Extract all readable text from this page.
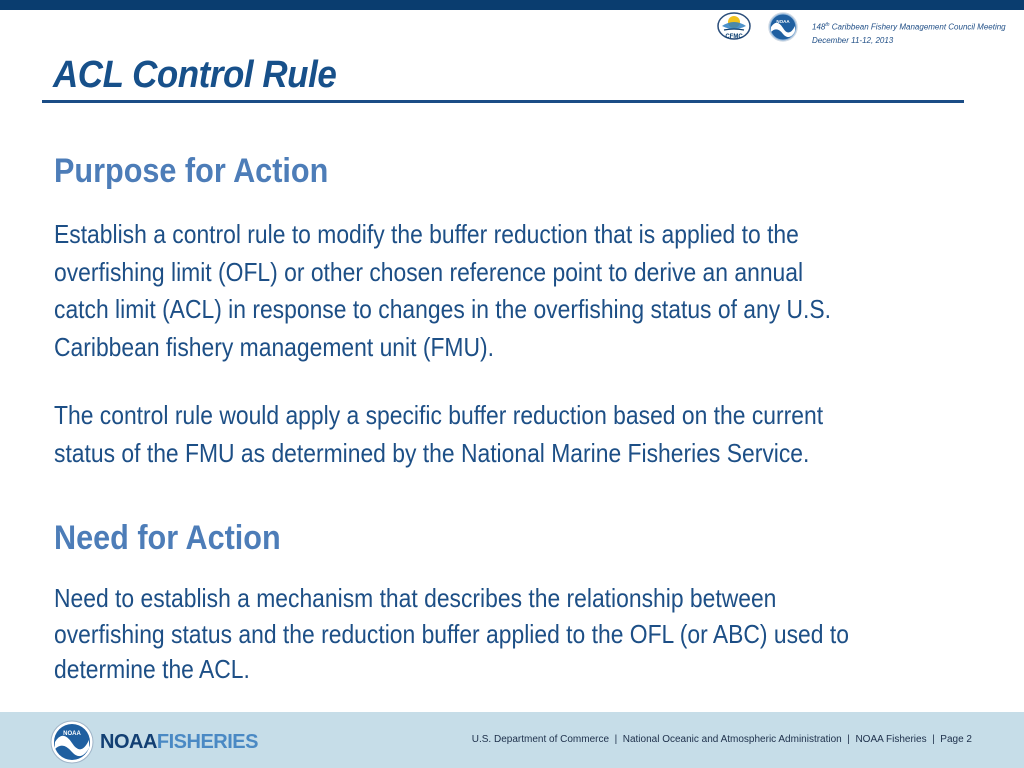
CFMC
NOAA
148th Caribbean Fishery Management Council Meeting
December 11-12, 2013
ACL Control Rule
Purpose for Action

Establish a control rule to modify the buffer reduction that is applied to the
overfishing limit (OFL) or other chosen reference point to derive an annual
catch limit (ACL) in response to changes in the overfishing status of any U.S.
Caribbean fishery management unit (FMU).

The control rule would apply a specific buffer reduction based on the current
status of the FMU as determined by the National Marine Fisheries Service.

Need for Action

Need to establish a mechanism that describes the relationship between
overfishing status and the reduction buffer applied to the OFL (or ABC) used to
determine the ACL.

NOAA NOAAFISHERIES	U.S. Department of Commerce  |  National Oceanic and Atmospheric Administration  |  NOAA Fisheries  |  Page 2
